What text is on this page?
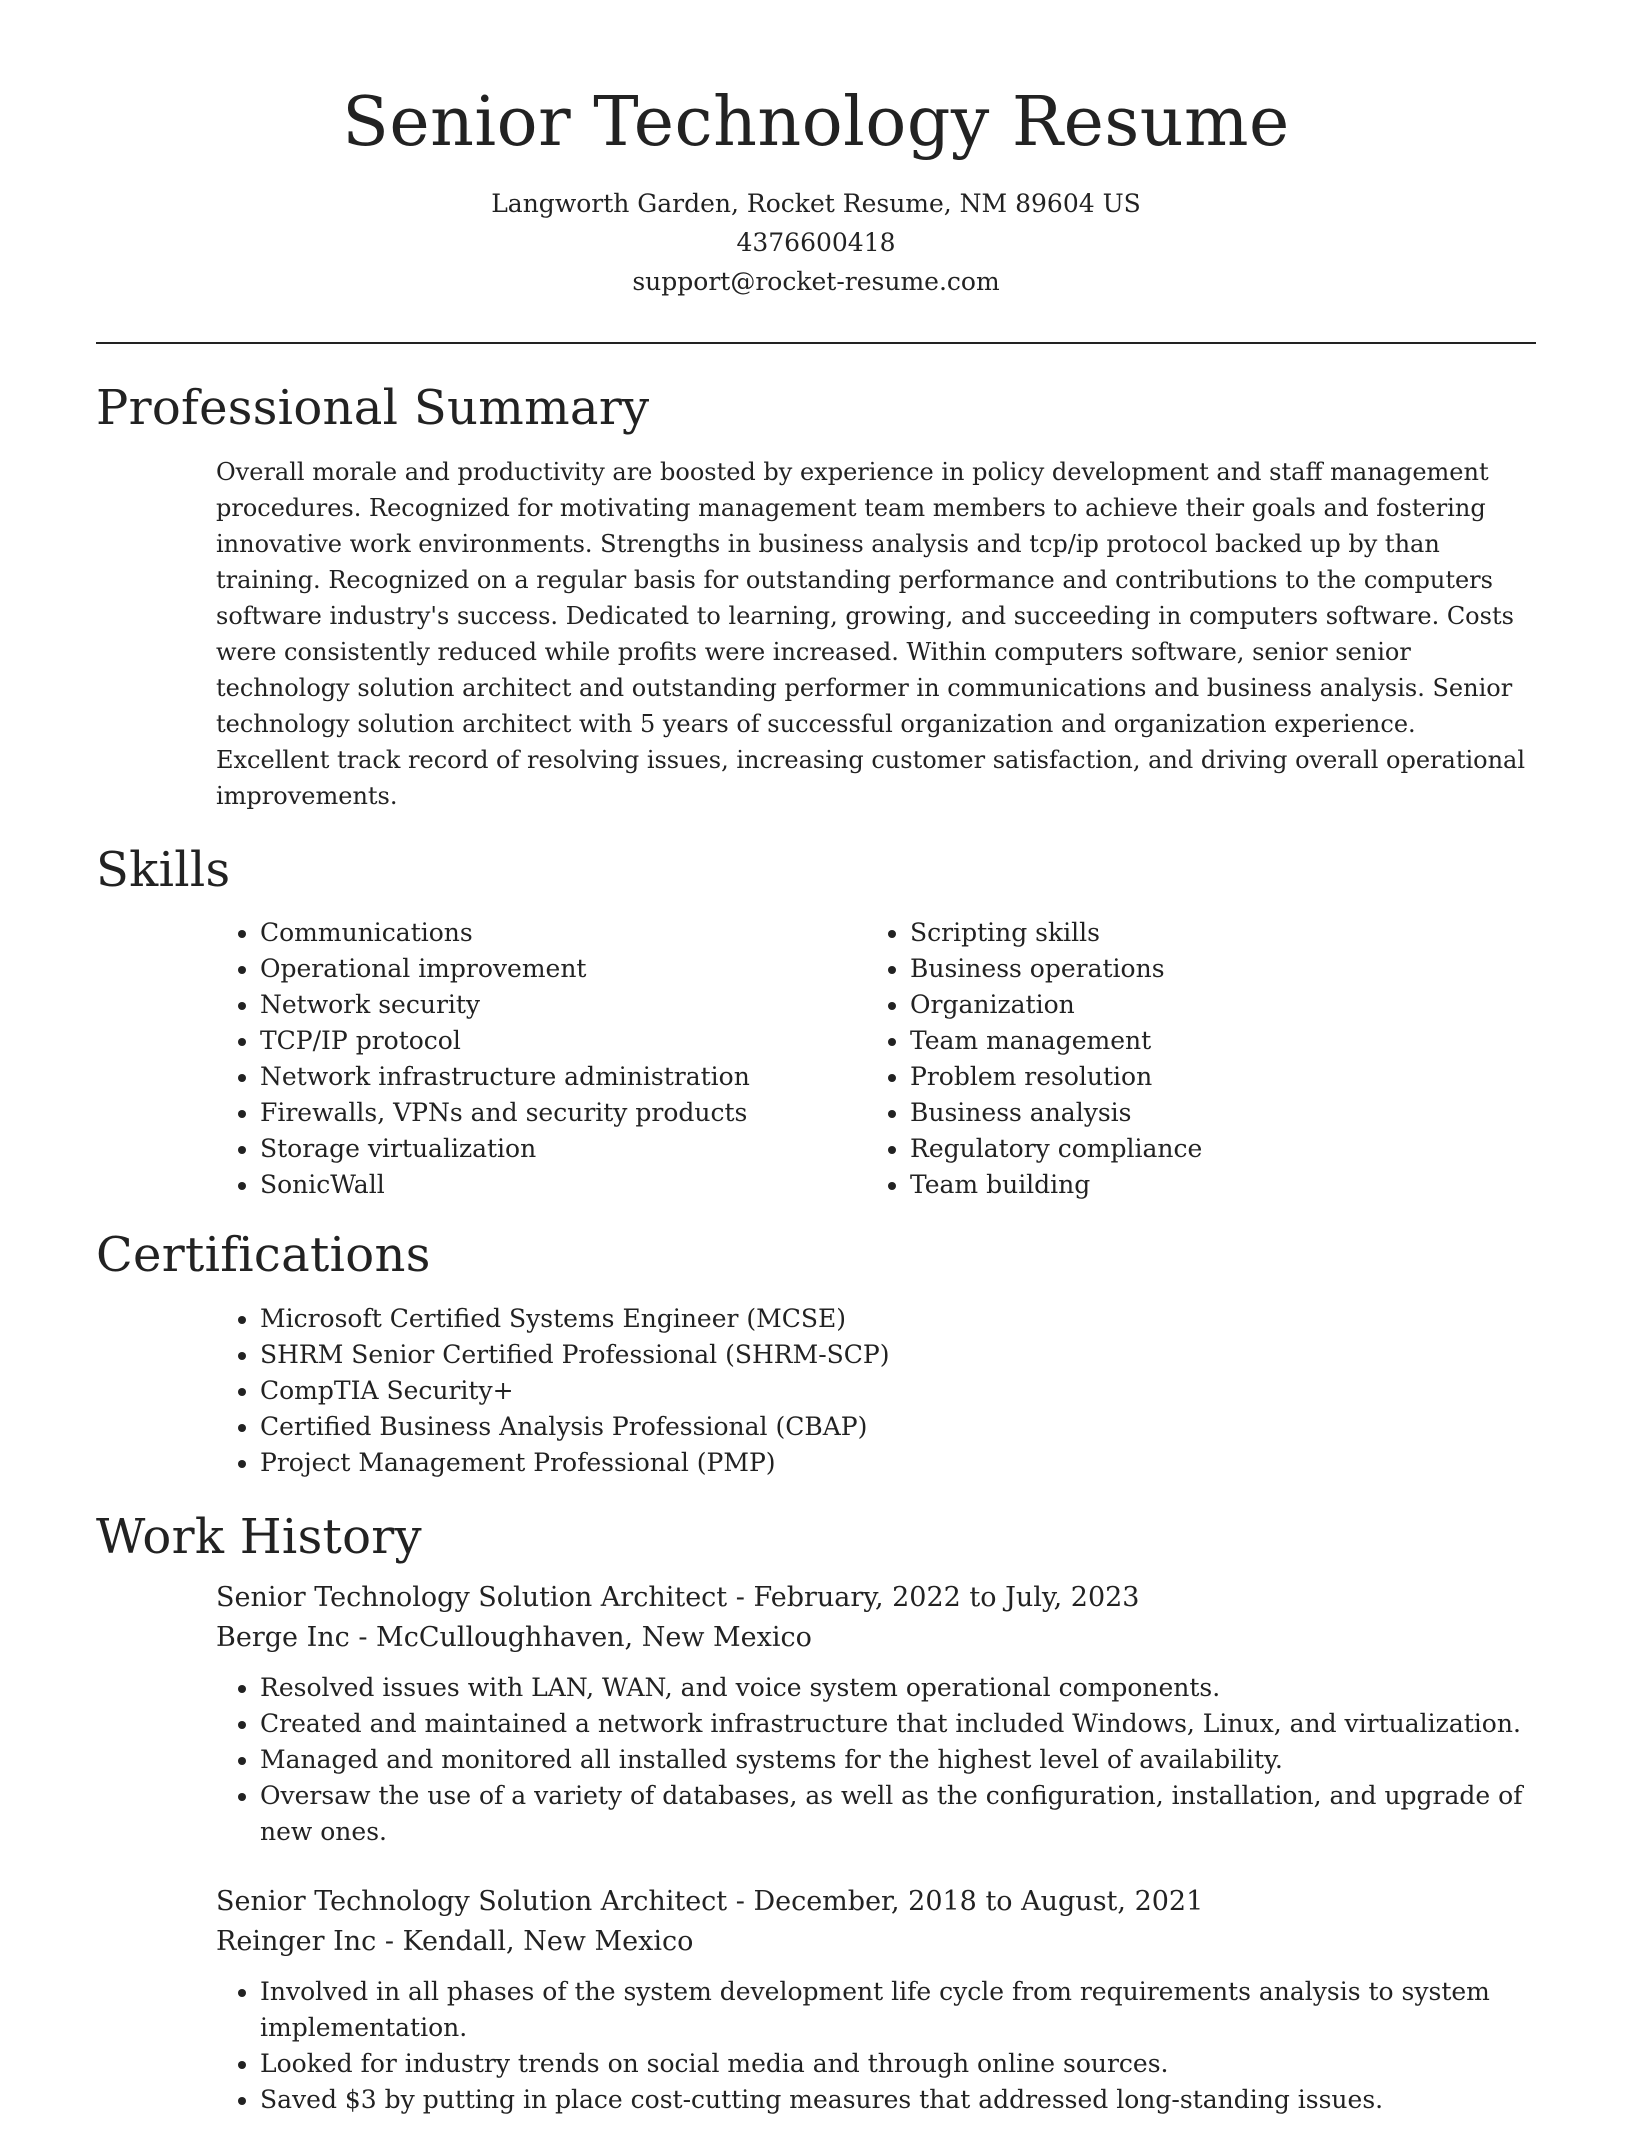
Senior Technology Resume
Langworth Garden, Rocket Resume, NM 89604 US
4376600418
support@rocket-resume.com
Professional Summary

Overall morale and productivity are boosted by experience in policy development and staff management procedures. Recognized for motivating management team members to achieve their goals and fostering innovative work environments. Strengths in business analysis and tcp/ip protocol backed up by than training. Recognized on a regular basis for outstanding performance and contributions to the computers software industry's success. Dedicated to learning, growing, and succeeding in computers software. Costs were consistently reduced while profits were increased. Within computers software, senior senior technology solution architect and outstanding performer in communications and business analysis. Senior technology solution architect with 5 years of successful organization and organization experience. Excellent track record of resolving issues, increasing customer satisfaction, and driving overall operational improvements.

Skills
• Communications
• Operational improvement
• Network security
• TCP/IP protocol
• Network infrastructure administration
• Firewalls, VPNs and security products
• Storage virtualization
• SonicWall
• Scripting skills
• Business operations
• Organization
• Team management
• Problem resolution
• Business analysis
• Regulatory compliance
• Team building
Certifications
• Microsoft Certified Systems Engineer (MCSE)
• SHRM Senior Certified Professional (SHRM-SCP)
• CompTIA Security+
• Certified Business Analysis Professional (CBAP)
• Project Management Professional (PMP)
Work History
Senior Technology Solution Architect - February, 2022 to July, 2023
Berge Inc - McCulloughhaven, New Mexico
• Resolved issues with LAN, WAN, and voice system operational components.
• Created and maintained a network infrastructure that included Windows, Linux, and virtualization.
• Managed and monitored all installed systems for the highest level of availability.
• Oversaw the use of a variety of databases, as well as the configuration, installation, and upgrade of new ones.
Senior Technology Solution Architect - December, 2018 to August, 2021
Reinger Inc - Kendall, New Mexico
• Involved in all phases of the system development life cycle from requirements analysis to system implementation.
• Looked for industry trends on social media and through online sources.
• Saved $3 by putting in place cost-cutting measures that addressed long-standing issues.
